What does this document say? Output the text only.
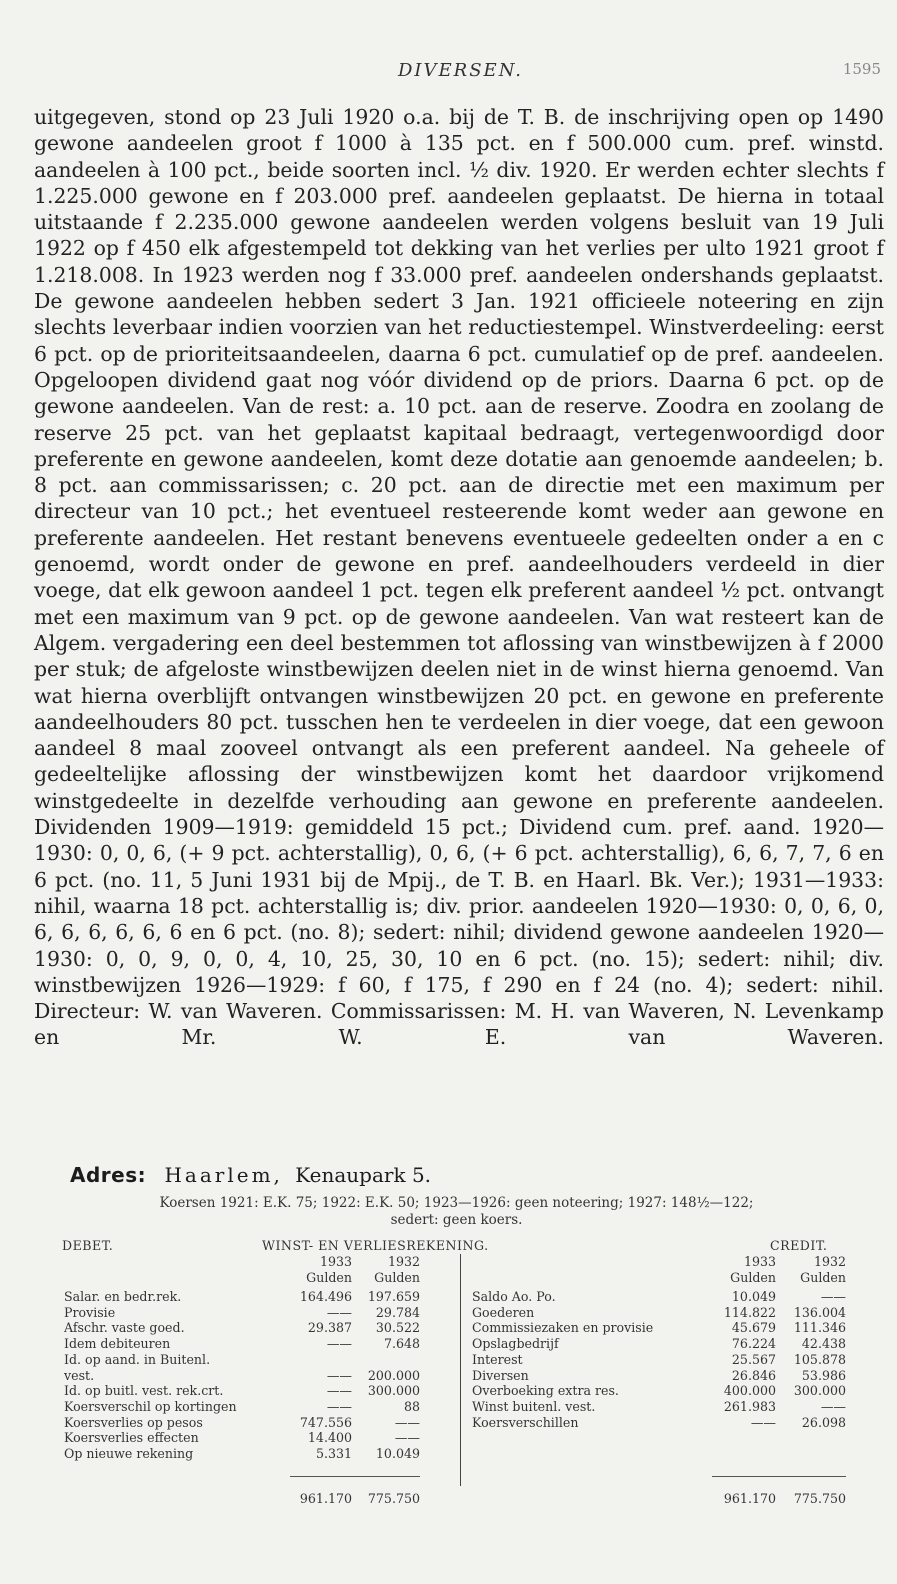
DIVERSEN.	1595

uitgegeven, stond op 23 Juli 1920 o.a. bij de T. B. de inschrijving open op 1490 gewone aandeelen groot f 1000 à 135 pct. en f 500.000 cum. pref. winstd. aandeelen à 100 pct., beide soorten incl. ½ div. 1920. Er werden echter slechts f 1.225.000 gewone en f 203.000 pref. aandeelen geplaatst. De hierna in totaal uitstaande f 2.235.000 gewone aandeelen werden volgens besluit van 19 Juli 1922 op f 450 elk afgestempeld tot dekking van het verlies per ulto 1921 groot f 1.218.008. In 1923 werden nog f 33.000 pref. aandeelen ondershands geplaatst. De gewone aandeelen hebben sedert 3 Jan. 1921 officieele noteering en zijn slechts leverbaar indien voorzien van het reductiestempel. Winstverdeeling: eerst 6 pct. op de prioriteitsaandeelen, daarna 6 pct. cumulatief op de pref. aandeelen. Opgeloopen dividend gaat nog vóór dividend op de priors. Daarna 6 pct. op de gewone aandeelen. Van de rest: a. 10 pct. aan de reserve. Zoodra en zoolang de reserve 25 pct. van het geplaatst kapitaal bedraagt, vertegenwoordigd door preferente en gewone aandeelen, komt deze dotatie aan genoemde aandeelen; b. 8 pct. aan commissarissen; c. 20 pct. aan de directie met een maximum per directeur van 10 pct.; het eventueel resteerende komt weder aan gewone en preferente aandeelen. Het restant benevens eventueele gedeelten onder a en c genoemd, wordt onder de gewone en pref. aandeelhouders verdeeld in dier voege, dat elk gewoon aandeel 1 pct. tegen elk preferent aandeel ½ pct. ontvangt met een maximum van 9 pct. op de gewone aandeelen. Van wat resteert kan de Algem. vergadering een deel bestemmen tot aflossing van winstbewijzen à f 2000 per stuk; de afgeloste winstbewijzen deelen niet in de winst hierna genoemd. Van wat hierna overblijft ontvangen winstbewijzen 20 pct. en gewone en preferente aandeelhouders 80 pct. tusschen hen te verdeelen in dier voege, dat een gewoon aandeel 8 maal zooveel ontvangt als een preferent aandeel. Na geheele of gedeeltelijke aflossing der winstbewijzen komt het daardoor vrijkomend winstgedeelte in dezelfde verhouding aan gewone en preferente aandeelen. Dividenden 1909—1919: gemiddeld 15 pct.; Dividend cum. pref. aand. 1920—1930: 0, 0, 6, (+ 9 pct. achterstallig), 0, 6, (+ 6 pct. achterstallig), 6, 6, 7, 7, 6 en 6 pct. (no. 11, 5 Juni 1931 bij de Mpij., de T. B. en Haarl. Bk. Ver.); 1931—1933: nihil, waarna 18 pct. achterstallig is; div. prior. aandeelen 1920—1930: 0, 0, 6, 0, 6, 6, 6, 6, 6, 6 en 6 pct. (no. 8); sedert: nihil; dividend gewone aandeelen 1920—1930: 0, 0, 9, 0, 0, 4, 10, 25, 30, 10 en 6 pct. (no. 15); sedert: nihil; div. winstbewijzen 1926—1929: f 60, f 175, f 290 en f 24 (no. 4); sedert: nihil. Directeur: W. van Waveren. Commissarissen: M. H. van Waveren, N. Levenkamp en Mr. W. E. van Waveren.

Adres: Haarlem, Kenaupark 5.
Koersen 1921: E.K. 75; 1922: E.K. 50; 1923—1926: geen noteering; 1927: 148½—122;
sedert: geen koers.
DEBET.	WINST- EN VERLIESREKENING.	CREDIT.
1933	1932
Gulden	Gulden
1933	1932
Gulden	Gulden
Salar. en bedr.rek.	164.496	197.659
Provisie	——	29.784
Afschr. vaste goed.	29.387	30.522
Idem debiteuren	——	7.648
Id. op aand. in Buitenl.
vest.	——	200.000
Id. op buitl. vest. rek.crt.	——	300.000
Koersverschil op kortingen	——	88
Koersverlies op pesos	747.556	——
Koersverlies effecten	14.400	——
Op nieuwe rekening	5.331	10.049
Saldo Ao. Po.	10.049	——
Goederen	114.822	136.004
Commissiezaken en provisie	45.679	111.346
Opslagbedrijf	76.224	42.438
Interest	25.567	105.878
Diversen	26.846	53.986
Overboeking extra res.	400.000	300.000
Winst buitenl. vest.	261.983	——
Koersverschillen	——	26.098
961.170	775.750	961.170	775.750
